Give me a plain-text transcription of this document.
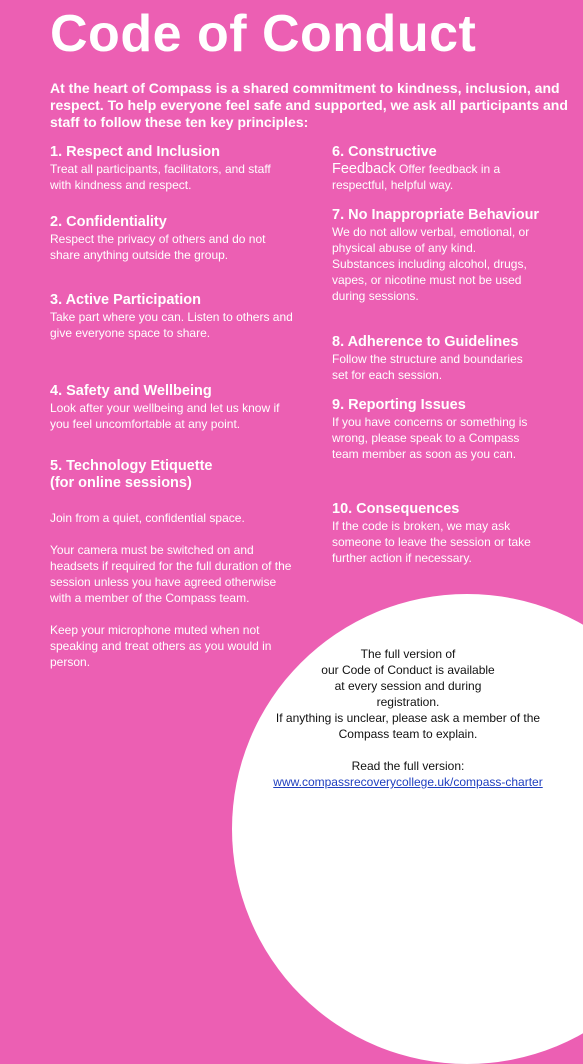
Code of Conduct
At the heart of Compass is a shared commitment to kindness, inclusion, and respect. To help everyone feel safe and supported, we ask all participants and staff to follow these ten key principles:
1. Respect and Inclusion

Treat all participants, facilitators, and staff with kindness and respect.

2. Confidentiality

Respect the privacy of others and do not share anything outside the group.

3. Active Participation

Take part where you can. Listen to others and give everyone space to share.

4. Safety and Wellbeing

Look after your wellbeing and let us know if you feel uncomfortable at any point.

5. Technology Etiquette
(for online sessions)

Join from a quiet, confidential space.

Your camera must be switched on and headsets if required for the full duration of the session unless you have agreed otherwise with a member of the Compass team.

Keep your microphone muted when not speaking and treat others as you would in person.

6. Constructive

Feedback Offer feedback in a respectful, helpful way.

7. No Inappropriate Behaviour

We do not allow verbal, emotional, or physical abuse of any kind. Substances including alcohol, drugs, vapes, or nicotine must not be used during sessions.

8. Adherence to Guidelines

Follow the structure and boundaries set for each session.

9. Reporting Issues

If you have concerns or something is wrong, please speak to a Compass team member as soon as you can.

10. Consequences

If the code is broken, we may ask someone to leave the session or take further action if necessary.

The full version of

our Code of Conduct is available

at every session and during

registration.

If anything is unclear, please ask a member of the

Compass team to explain.

Read the full version:

www.compassrecoverycollege.uk/compass-charter
